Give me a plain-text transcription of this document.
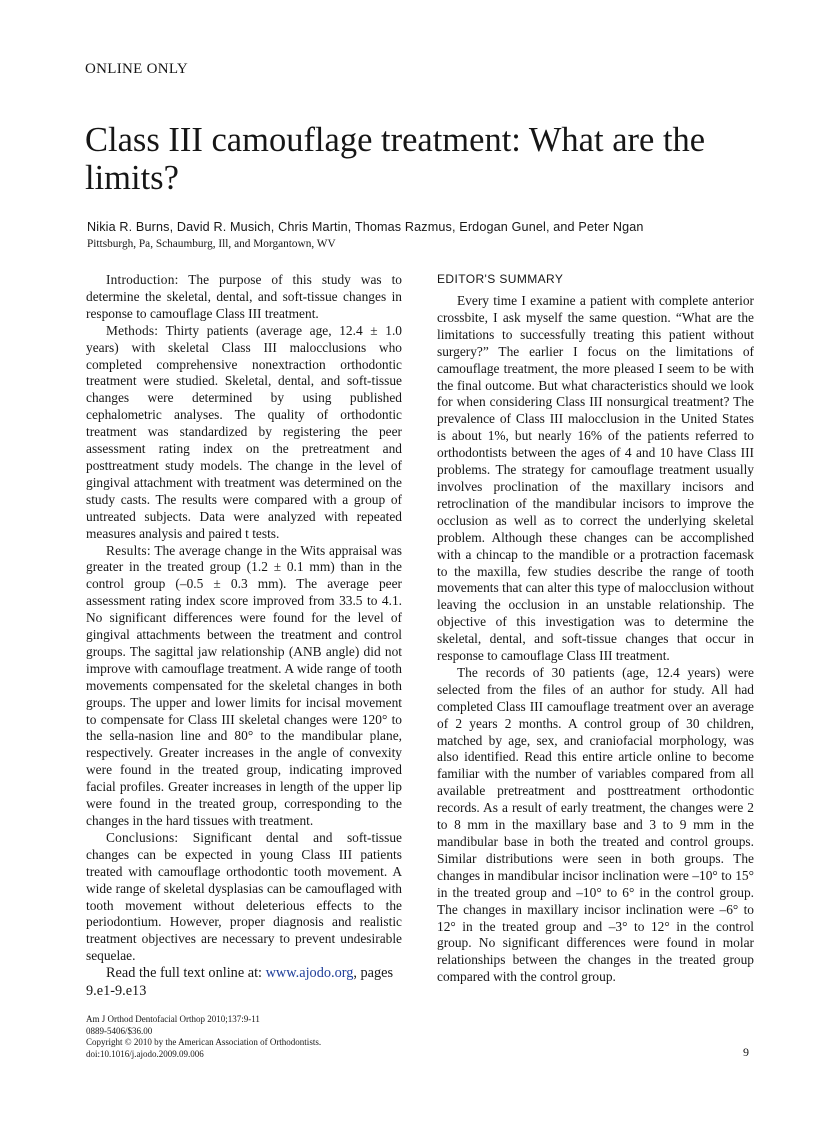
ONLINE ONLY
Class III camouflage treatment: What are the limits?
Nikia R. Burns, David R. Musich, Chris Martin, Thomas Razmus, Erdogan Gunel, and Peter Ngan
Pittsburgh, Pa, Schaumburg, Ill, and Morgantown, WV

Introduction: The purpose of this study was to determine the skeletal, dental, and soft-tissue changes in response to camouflage Class III treatment.

Methods: Thirty patients (average age, 12.4 ± 1.0 years) with skeletal Class III malocclusions who completed comprehensive nonextraction orthodontic treatment were studied. Skeletal, dental, and soft-tissue changes were determined by using published cephalometric analyses. The quality of orthodontic treatment was standardized by registering the peer assessment rating index on the pretreatment and posttreatment study models. The change in the level of gingival attachment with treatment was determined on the study casts. The results were compared with a group of untreated subjects. Data were analyzed with repeated measures analysis and paired t tests.

Results: The average change in the Wits appraisal was greater in the treated group (1.2 ± 0.1 mm) than in the control group (–0.5 ± 0.3 mm). The average peer assessment rating index score improved from 33.5 to 4.1. No significant differences were found for the level of gingival attachments between the treatment and control groups. The sagittal jaw relationship (ANB angle) did not improve with camouflage treatment. A wide range of tooth movements compensated for the skeletal changes in both groups. The upper and lower limits for incisal movement to compensate for Class III skeletal changes were 120° to the sella-nasion line and 80° to the mandibular plane, respectively. Greater increases in the angle of convexity were found in the treated group, indicating improved facial profiles. Greater increases in length of the upper lip were found in the treated group, corresponding to the changes in the hard tissues with treatment.

Conclusions: Significant dental and soft-tissue changes can be expected in young Class III patients treated with camouflage orthodontic tooth movement. A wide range of skeletal dysplasias can be camouflaged with tooth movement without deleterious effects to the periodontium. However, proper diagnosis and realistic treatment objectives are necessary to prevent undesirable sequelae.

Read the full text online at: www.ajodo.org, pages 9.e1-9.e13

Am J Orthod Dentofacial Orthop 2010;137:9-11
0889-5406/$36.00
Copyright © 2010 by the American Association of Orthodontists.
doi:10.1016/j.ajodo.2009.09.006
EDITOR'S SUMMARY

Every time I examine a patient with complete anterior crossbite, I ask myself the same question. “What are the limitations to successfully treating this patient without surgery?” The earlier I focus on the limitations of camouflage treatment, the more pleased I seem to be with the final outcome. But what characteristics should we look for when considering Class III nonsurgical treatment? The prevalence of Class III malocclusion in the United States is about 1%, but nearly 16% of the patients referred to orthodontists between the ages of 4 and 10 have Class III problems. The strategy for camouflage treatment usually involves proclination of the maxillary incisors and retroclination of the mandibular incisors to improve the occlusion as well as to correct the underlying skeletal problem. Although these changes can be accomplished with a chincap to the mandible or a protraction facemask to the maxilla, few studies describe the range of tooth movements that can alter this type of malocclusion without leaving the occlusion in an unstable relationship. The objective of this investigation was to determine the skeletal, dental, and soft-tissue changes that occur in response to camouflage Class III treatment.

The records of 30 patients (age, 12.4 years) were selected from the files of an author for study. All had completed Class III camouflage treatment over an average of 2 years 2 months. A control group of 30 children, matched by age, sex, and craniofacial morphology, was also identified. Read this entire article online to become familiar with the number of variables compared from all available pretreatment and posttreatment orthodontic records. As a result of early treatment, the changes were 2 to 8 mm in the maxillary base and 3 to 9 mm in the mandibular base in both the treated and control groups. Similar distributions were seen in both groups. The changes in mandibular incisor inclination were –10° to 15° in the treated group and –10° to 6° in the control group. The changes in maxillary incisor inclination were –6° to 12° in the treated group and –3° to 12° in the control group. No significant differences were found in molar relationships between the changes in the treated group compared with the control group.

9
